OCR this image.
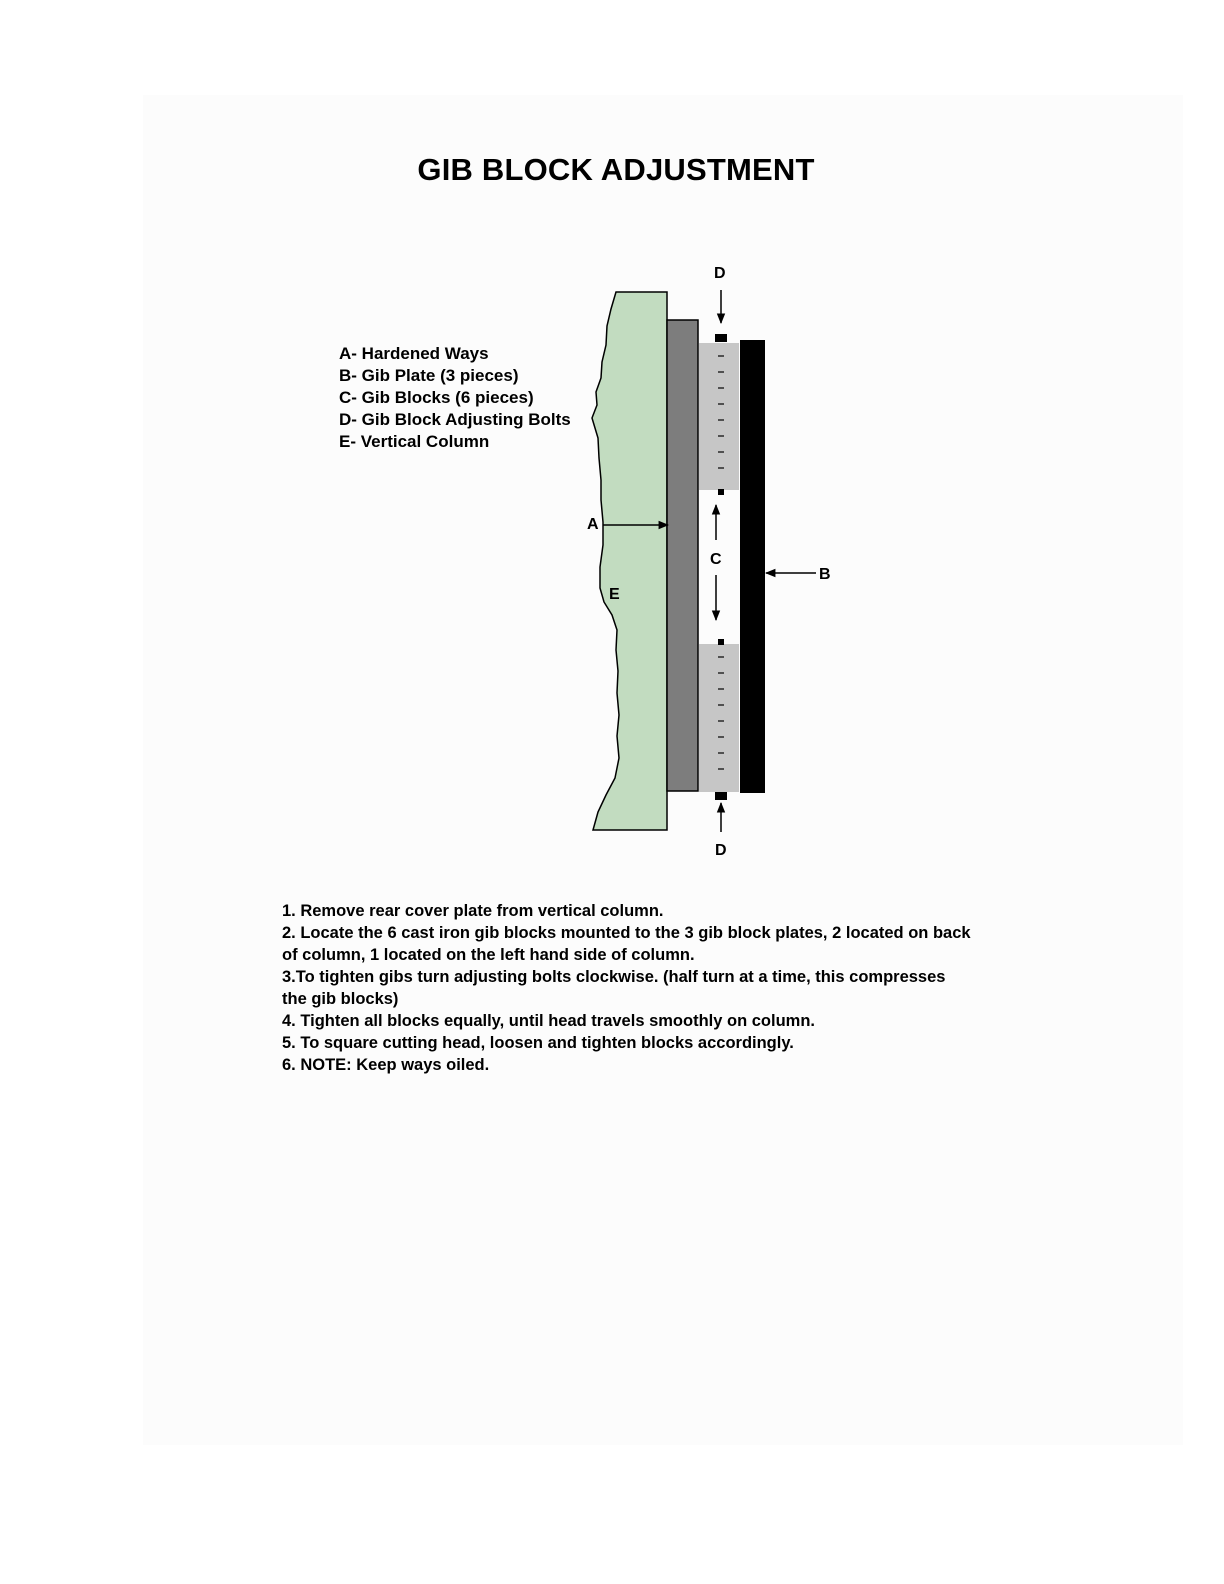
GIB BLOCK ADJUSTMENT
A- Hardened Ways
B- Gib Plate (3 pieces)
C- Gib Blocks (6 pieces)
D- Gib Block Adjusting Bolts
E- Vertical Column
D
A
C
B
E
D
1. Remove rear cover plate from vertical column.
2. Locate the 6 cast iron gib blocks mounted to the 3 gib block plates, 2 located on back of column, 1 located on the left hand side of column.
3.To tighten gibs turn adjusting bolts clockwise. (half turn at a time, this compresses the gib blocks)
4. Tighten all blocks equally, until head travels smoothly on column.
5. To square cutting head, loosen and tighten blocks accordingly.
6. NOTE: Keep ways oiled.
